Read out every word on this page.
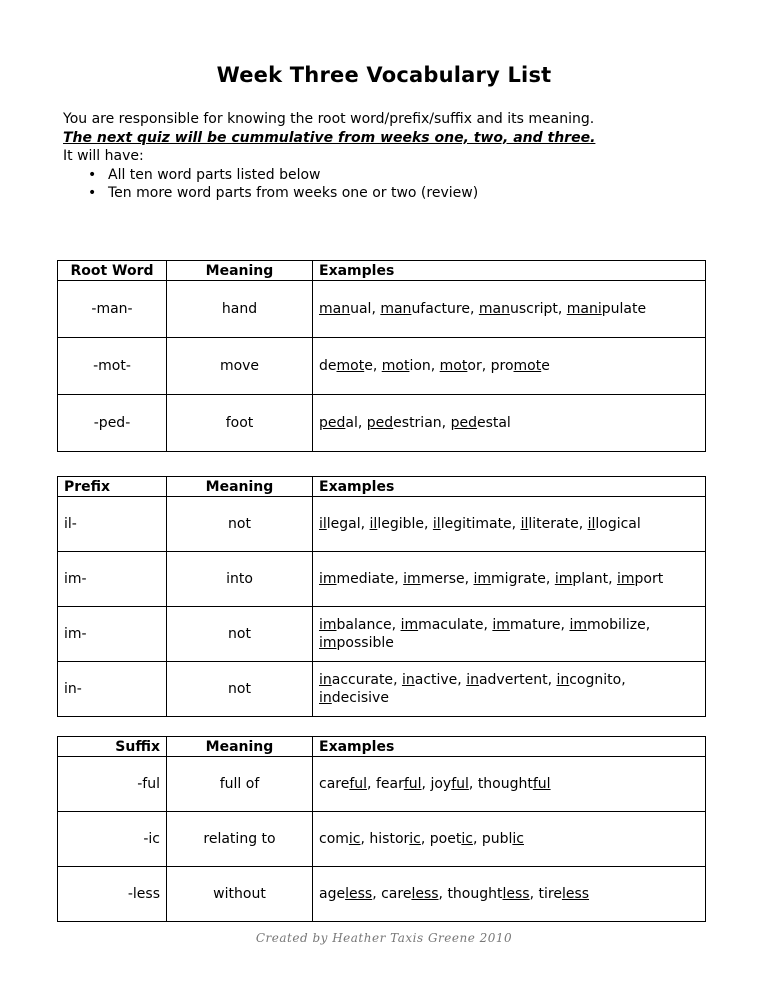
Week Three Vocabulary List
You are responsible for knowing the root word/prefix/suffix and its meaning.
The next quiz will be cummulative from weeks one, two, and three.
It will have:
• All ten word parts listed below
• Ten more word parts from weeks one or two (review)
Root Word	Meaning	Examples
-man-	hand	manual, manufacture, manuscript, manipulate
-mot-	move	demote, motion, motor, promote
-ped-	foot	pedal, pedestrian, pedestal
Prefix	Meaning	Examples
il-	not	illegal, illegible, illegitimate, illiterate, illogical
im-	into	immediate, immerse, immigrate, implant, import
im-	not	imbalance, immaculate, immature, immobilize, impossible
in-	not	inaccurate, inactive, inadvertent, incognito, indecisive
Suffix	Meaning	Examples
-ful	full of	careful, fearful, joyful, thoughtful
-ic	relating to	comic, historic, poetic, public
-less	without	ageless, careless, thoughtless, tireless
Created by Heather Taxis Greene 2010
